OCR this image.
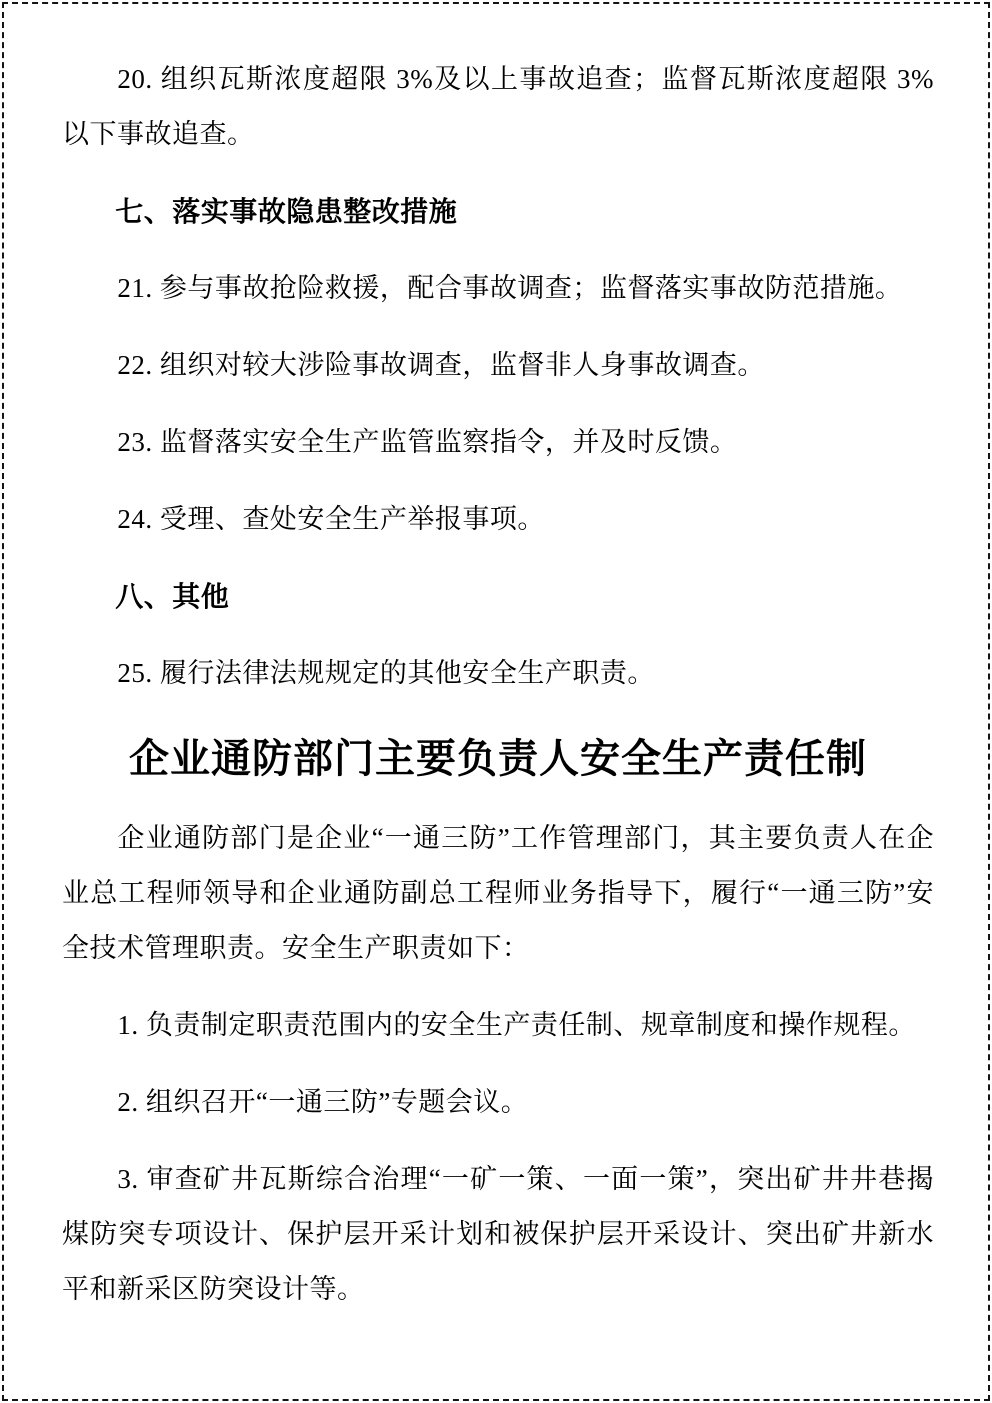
20. 组织瓦斯浓度超限 3%及以上事故追查；监督瓦斯浓度超限 3%以下事故追查。

七、落实事故隐患整改措施

21. 参与事故抢险救援，配合事故调查；监督落实事故防范措施。

22. 组织对较大涉险事故调查，监督非人身事故调查。

23. 监督落实安全生产监管监察指令，并及时反馈。

24. 受理、查处安全生产举报事项。

八、其他

25. 履行法律法规规定的其他安全生产职责。

企业通防部门主要负责人安全生产责任制

企业通防部门是企业“一通三防”工作管理部门，其主要负责人在企业总工程师领导和企业通防副总工程师业务指导下，履行“一通三防”安全技术管理职责。安全生产职责如下：

1. 负责制定职责范围内的安全生产责任制、规章制度和操作规程。

2. 组织召开“一通三防”专题会议。

3. 审查矿井瓦斯综合治理“一矿一策、一面一策”，突出矿井井巷揭煤防突专项设计、保护层开采计划和被保护层开采设计、突出矿井新水平和新采区防突设计等。
